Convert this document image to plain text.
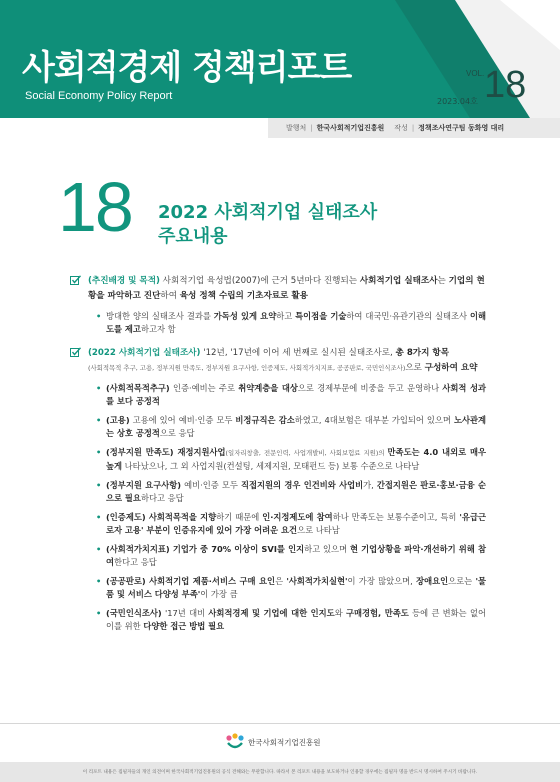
사회적경제 정책리포트
Social Economy Policy Report
VOL. 18
2023.04호
발행처 | 한국사회적기업진흥원 작성 | 정책조사연구팀 동화영 대리
18 2022 사회적기업 실태조사
주요내용
(추진배경 및 목적) 사회적기업 육성법(2007)에 근거 5년마다 진행되는 사회적기업 실태조사는 기업의 현황을 파악하고 진단하여 육성 정책 수립의 기초자료로 활용
• 방대한 양의 실태조사 결과를 가독성 있게 요약하고 특이점을 기술하여 대국민·유관기관의 실태조사 이해도를 제고하고자 함
(2022 사회적기업 실태조사) '12년, '17년에 이어 세 번째로 실시된 실태조사로, 총 8가지 항목
(사회적목적 추구, 고용, 정부지원 만족도, 정부지원 요구사항, 인증제도, 사회적가치지표, 공공판로, 국민인식조사)으로 구성하여 요약
• (사회적목적추구) 인증·예비는 주로 취약계층을 대상으로 경제부문에 비중을 두고 운영하나 사회적 성과를 보다 공정적
• (고용) 고용에 있어 예비·인증 모두 비정규직은 감소하였고, 4대보험은 대부분 가입되어 있으며 노사관계는 상호 공정적으로 응답
• (정부지원 만족도) 재정지원사업(일자리창출, 전문인력, 사업개발비, 사회보험료 지원)의 만족도는 4.0 내외로 매우 높게 나타났으나, 그 외 사업지원(컨설팅, 세제지원, 모태펀드 등) 보통 수준으로 나타남
• (정부지원 요구사항) 예비·인증 모두 직접지원의 경우 인건비와 사업비가, 간접지원은 판로·홍보·금융 순으로 필요하다고 응답
• (인증제도) 사회적목적을 지향하기 때문에 인·지정제도에 참여하나 만족도는 보통수준이고, 특히 '유급근로자 고용' 부분이 인증유지에 있어 가장 어려운 요건으로 나타남
• (사회적가치지표) 기업가 중 70% 이상이 SVI를 인지하고 있으며 현 기업상황을 파악·개선하기 위해 참여한다고 응답
• (공공판로) 사회적기업 제품·서비스 구매 요인은 '사회적가치실현'이 가장 많았으며, 장애요인으로는 '물품 및 서비스 다양성 부족'이 가장 큼
• (국민인식조사) '17년 대비 사회적경제 및 기업에 대한 인지도와 구매경험, 만족도 등에 큰 변화는 없어 이를 위한 다양한 접근 방법 필요
한국사회적기업진흥원
이 리포트 내용은 집필자들의 개인 의견이며 한국사회적기업진흥원의 공식 견해와는 무관합니다. 따라서 본 리포트 내용을 보도하거나 인용할 경우에는 집필자 명을 반드시 명시하여 주시기 바랍니다.
